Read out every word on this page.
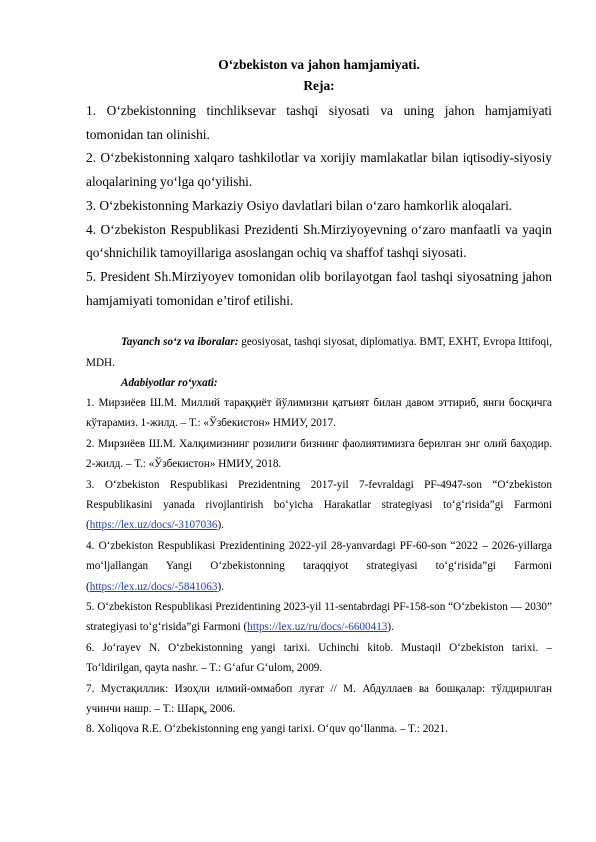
O‘zbekiston va jahon hamjamiyati.

Reja:

1. O‘zbekistonning tinchliksevar tashqi siyosati va uning jahon hamjamiyati tomonidan tan olinishi.
2. O‘zbekistonning xalqaro tashkilotlar va xorijiy mamlakatlar bilan iqtisodiy-siyosiy aloqalarining yo‘lga qo‘yilishi.
3. O‘zbekistonning Markaziy Osiyo davlatlari bilan o‘zaro hamkorlik aloqalari.
4. O‘zbekiston Respublikasi Prezidenti Sh.Mirziyoyevning o‘zaro manfaatli va yaqin qo‘shnichilik tamoyillariga asoslangan ochiq va shaffof tashqi siyosati.
5. President Sh.Mirziyoyev tomonidan olib borilayotgan faol tashqi siyosatning jahon hamjamiyati tomonidan e’tirof etilishi.

Tayanch so‘z va iboralar: geosiyosat, tashqi siyosat, diplomatiya. BMT, EXHT, Evropa Ittifoqi, MDH.

Adabiyotlar ro‘yxati:

1. Мирзиёев Ш.М. Миллий тараққиёт йўлимизни қатъият билан давом эттириб, янги босқичга кўтарамиз. 1-жилд. – Т.: «Ўзбекистон» НМИУ, 2017.
2. Мирзиёев Ш.М. Халқимизнинг розилиги бизнинг фаолиятимизга берилган энг олий баҳодир. 2-жилд. – Т.: «Ўзбекистон» НМИУ, 2018.
3. O‘zbekiston Respublikasi Prezidentning 2017-yil 7-fevraldagi PF-4947-son “O‘zbekiston Respublikasini yanada rivojlantirish bo‘yicha Harakatlar strategiyasi to‘g‘risida”gi Farmoni (https://lex.uz/docs/-3107036).
4. O‘zbekiston Respublikasi Prezidentining 2022-yil 28-yanvardagi PF-60-son “2022 – 2026-yillarga mo‘ljallangan Yangi O‘zbekistonning taraqqiyot strategiyasi to‘g‘risida”gi Farmoni (https://lex.uz/docs/-5841063).
5. O‘zbekiston Respublikasi Prezidentining 2023-yil 11-sentabrdagi PF-158-son “O‘zbekiston — 2030” strategiyasi to‘g‘risida”gi Farmoni (https://lex.uz/ru/docs/-6600413).
6. Jo‘rayev N. O‘zbekistonning yangi tarixi. Uchinchi kitob. Mustaqil O‘zbekiston tarixi. – To‘ldirilgan, qayta nashr. – T.: G‘afur G‘ulom, 2009.
7. Мустақиллик: Изоҳли илмий-оммабоп луғат // М. Абдуллаев ва бошқалар: тўлдирилган учинчи нашр. – Т.: Шарқ, 2006.
8. Xoliqova R.E. O‘zbekistonning eng yangi tarixi. O‘quv qo‘llanma. – T.: 2021.
